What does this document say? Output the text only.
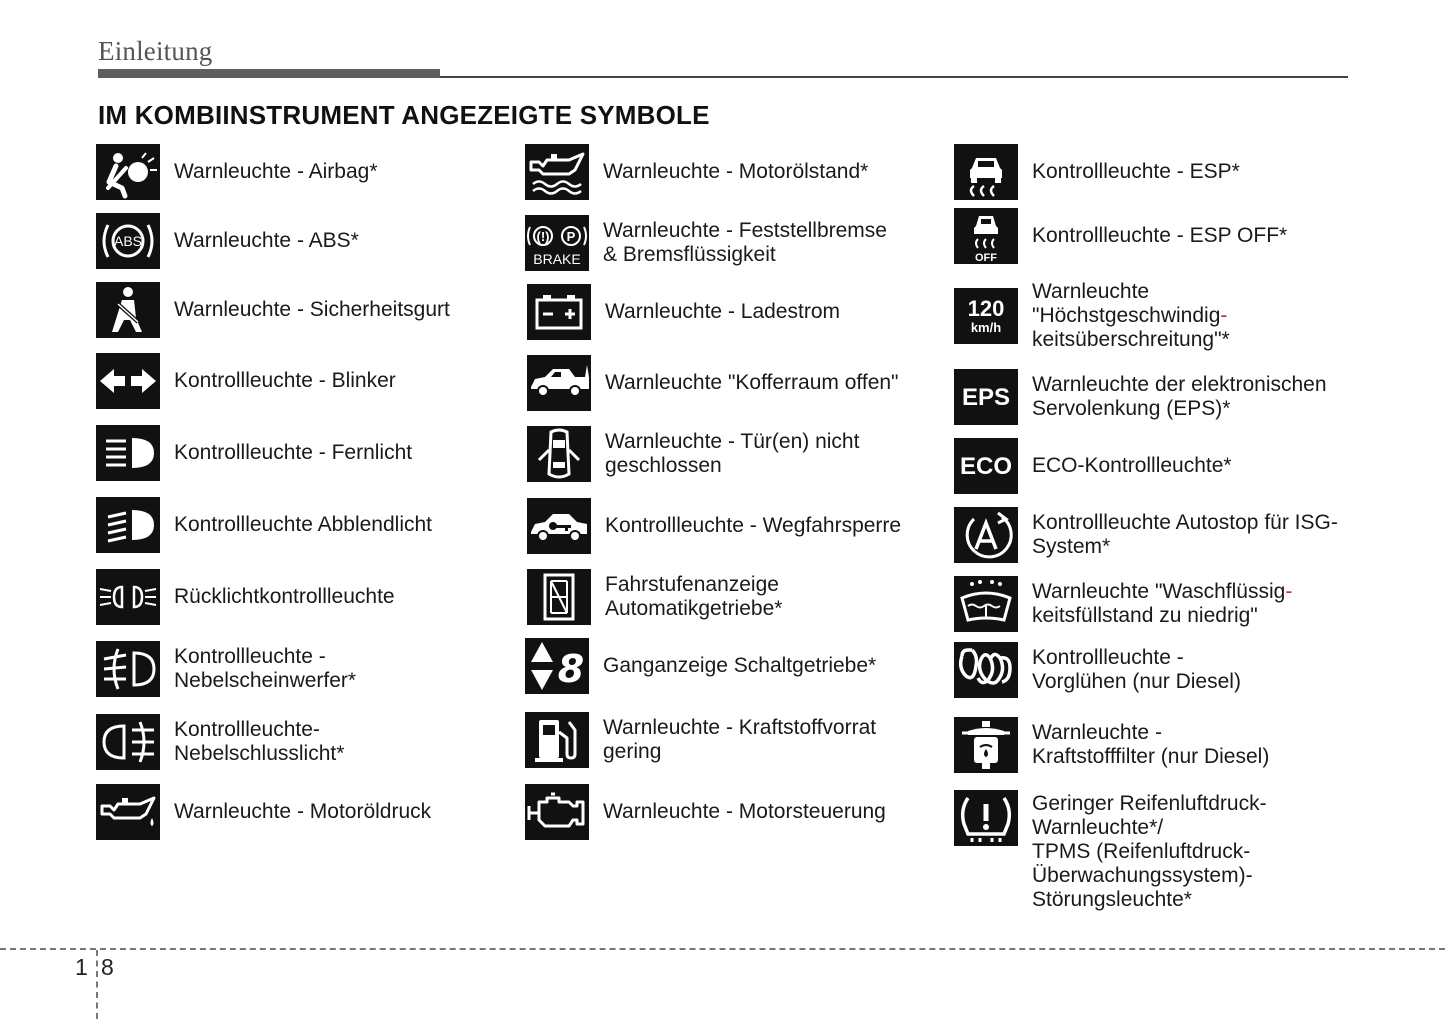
Einleitung
IM KOMBIINSTRUMENT ANGEZEIGTE SYMBOLE
Warnleuchte - Airbag*
ABS Warnleuchte - ABS*
Warnleuchte - Sicherheitsgurt
Kontrollleuchte - Blinker
Kontrollleuchte - Fernlicht
Kontrollleuchte Abblendlicht
Rücklichtkontrollleuchte
Kontrollleuchte -
Nebelscheinwerfer*
Kontrollleuchte-
Nebelschlusslicht*
Warnleuchte - Motoröldruck
Warnleuchte - Motorölstand*
(!) P
BRAKE
Warnleuchte - Feststellbremse
& Bremsflüssigkeit
Warnleuchte - Ladestrom
Warnleuchte "Kofferraum offen"
Warnleuchte - Tür(en) nicht
geschlossen
Kontrollleuchte - Wegfahrsperre
Fahrstufenanzeige
Automatikgetriebe*
8 Ganganzeige Schaltgetriebe*
Warnleuchte - Kraftstoffvorrat
gering
Warnleuchte - Motorsteuerung
Kontrollleuchte - ESP*
OFF
Kontrollleuchte - ESP OFF*
120
km/h
Warnleuchte
"Höchstgeschwindig-
keitsüberschreitung"*
EPS Warnleuchte der elektronischen
Servolenkung (EPS)*
ECO ECO-Kontrollleuchte*
Kontrollleuchte Autostop für ISG-
System*
Warnleuchte "Waschflüssig-
keitsfüllstand zu niedrig"
Kontrollleuchte -
Vorglühen (nur Diesel)
Warnleuchte -
Kraftstofffilter (nur Diesel)
Geringer Reifenluftdruck-
Warnleuchte*/
TPMS (Reifenluftdruck-
Überwachungssystem)-
Störungsleuchte*
1 8
